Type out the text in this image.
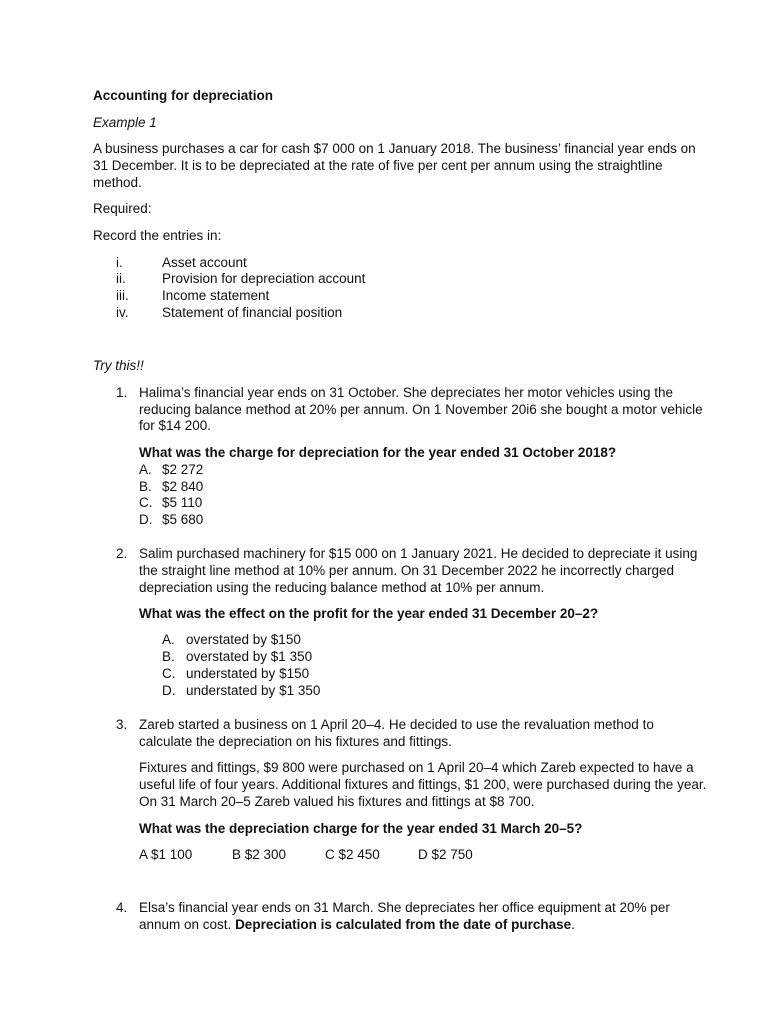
Accounting for depreciation
Example 1
A business purchases a car for cash $7 000 on 1 January 2018. The business’ financial year ends on
31 December. It is to be depreciated at the rate of five per cent per annum using the straightline
method.
Required:
Record the entries in:
i.	Asset account
ii.	Provision for depreciation account
iii. Income statement
iv. Statement of financial position
Try this!!
1. Halima’s financial year ends on 31 October. She depreciates her motor vehicles using the
reducing balance method at 20% per annum. On 1 November 20i6 she bought a motor vehicle
for $14 200.
What was the charge for depreciation for the year ended 31 October 2018?
A. $2 272
B. $2 840
C. $5 110
D. $5 680
2. Salim purchased machinery for $15 000 on 1 January 2021. He decided to depreciate it using
the straight line method at 10% per annum. On 31 December 2022 he incorrectly charged
depreciation using the reducing balance method at 10% per annum.
What was the effect on the profit for the year ended 31 December 20–2?
A. overstated by $150
B. overstated by $1 350
C. understated by $150
D. understated by $1 350
3. Zareb started a business on 1 April 20–4. He decided to use the revaluation method to
calculate the depreciation on his fixtures and fittings.
Fixtures and fittings, $9 800 were purchased on 1 April 20–4 which Zareb expected to have a
useful life of four years. Additional fixtures and fittings, $1 200, were purchased during the year.
On 31 March 20–5 Zareb valued his fixtures and fittings at $8 700.
What was the depreciation charge for the year ended 31 March 20–5?
A $1 100	B $2 300	C $2 450	D $2 750
4. Elsa’s financial year ends on 31 March. She depreciates her office equipment at 20% per
annum on cost. Depreciation is calculated from the date of purchase.
